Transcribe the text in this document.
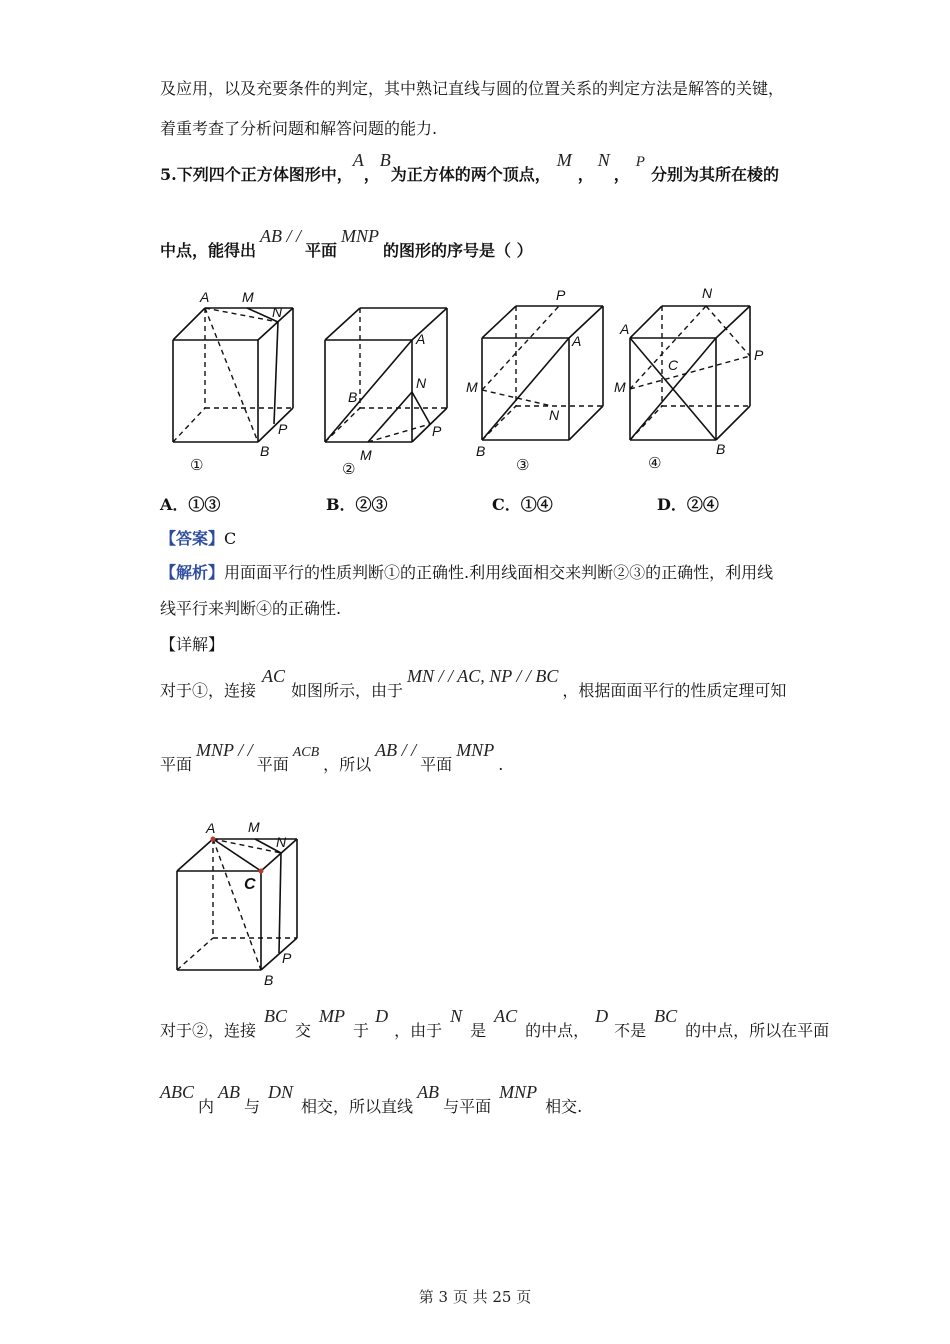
及应用，以及充要条件的判定，其中熟记直线与圆的位置关系的判定方法是解答的关键，
着重考查了分析问题和解答问题的能力.
5.下列四个正方体图形中，A，B为正方体的两个顶点，M，N，P分别为其所在棱的
中点，能得出AB / /平面MNP的图形的序号是（ ）
A M
N
P
B
①
A
N
B
P
M
②
P
A
M
N
B
③
N
A
C
P
M
B
④
A．①③	B．②③	C．①④	D．②④
【答案】C
【解析】用面面平行的性质判断①的正确性.利用线面相交来判断②③的正确性，利用线
线平行来判断④的正确性.
【详解】
对于①，连接AC如图所示，由于MN / / AC, NP / / BC，根据面面平行的性质定理可知
平面MNP / /平面ACB，所以AB / /平面MNP.
A M
N
C
P
B
对于②，连接BC交MP于D，由于N是AC的中点，D不是BC的中点，所以在平面
ABC内AB与DN相交，所以直线AB与平面MNP相交.
第 3 页 共 25 页
